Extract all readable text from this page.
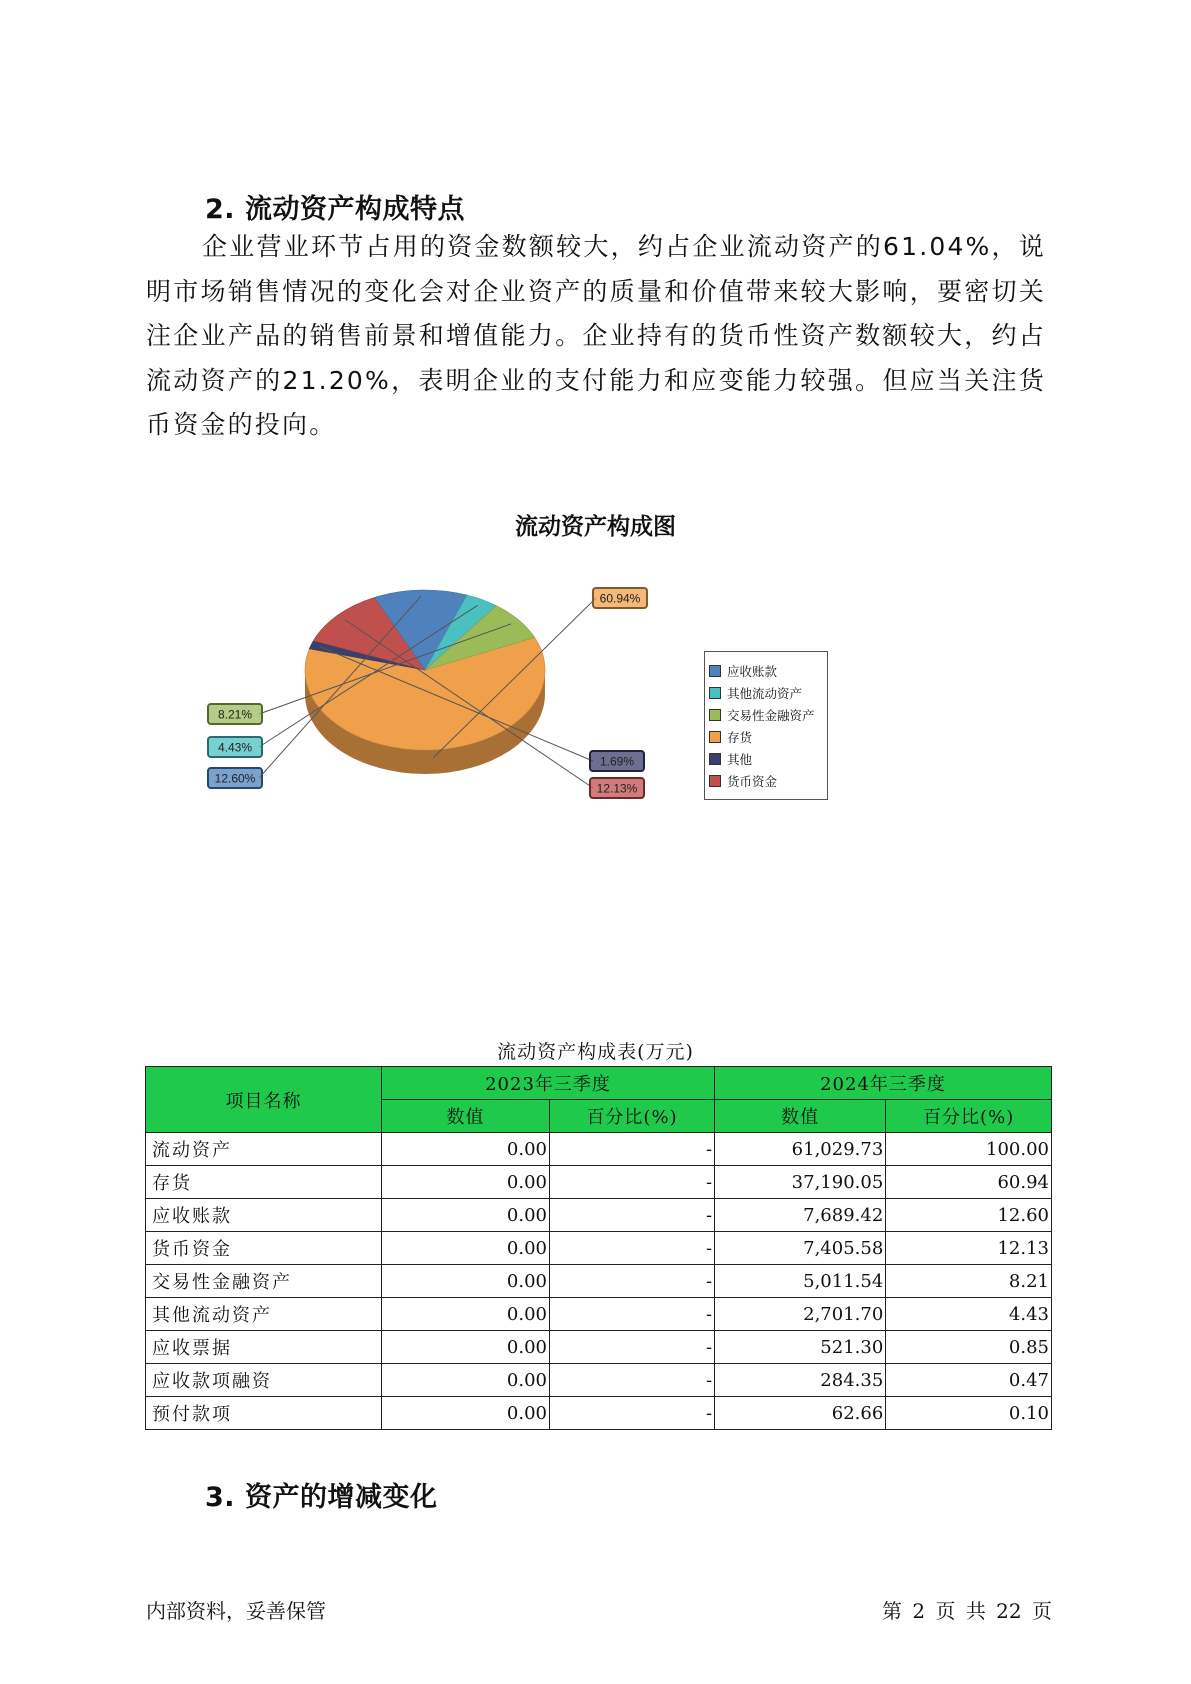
2. 流动资产构成特点
企业营业环节占用的资金数额较大，约占企业流动资产的61.04%，说明市场销售情况的变化会对企业资产的质量和价值带来较大影响，要密切关注企业产品的销售前景和增值能力。企业持有的货币性资产数额较大，约占流动资产的21.20%，表明企业的支付能力和应变能力较强。但应当关注货币资金的投向。
流动资产构成图
60.94%
1.69%
12.13%
12.60%
4.43%
8.21%
应收账款
其他流动资产
交易性金融资产
存货
其他
货币资金
流动资产构成表(万元)
项目名称	2023年三季度		2024年三季度	
	数值	百分比(%)	数值	百分比(%)
流动资产	0.00	-	61,029.73	100.00
存货	0.00	-	37,190.05	60.94
应收账款	0.00	-	7,689.42	12.60
货币资金	0.00	-	7,405.58	12.13
交易性金融资产	0.00	-	5,011.54	8.21
其他流动资产	0.00	-	2,701.70	4.43
应收票据	0.00	-	521.30	0.85
应收款项融资	0.00	-	284.35	0.47
预付款项	0.00	-	62.66	0.10
3. 资产的增减变化
内部资料，妥善保管	第 2 页 共 22 页
